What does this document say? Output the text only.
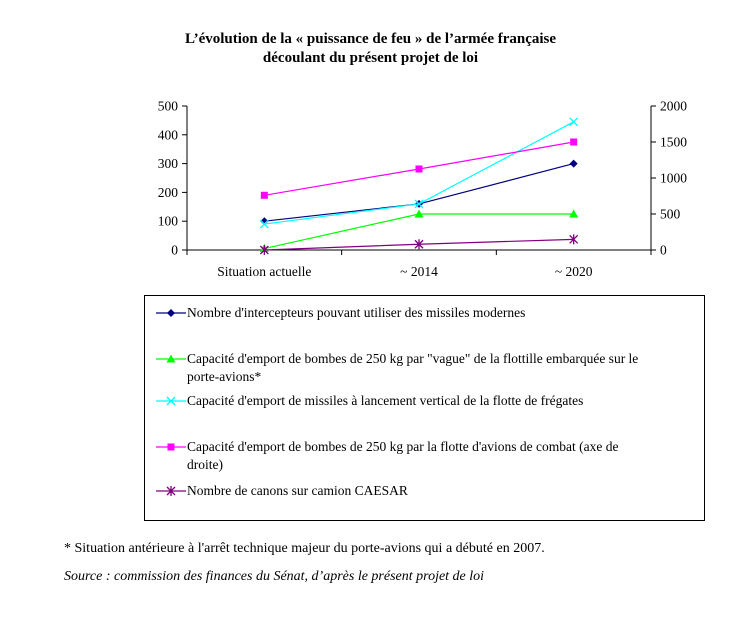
L’évolution de la « puissance de feu » de l’armée française
découlant du présent projet de loi
0
100
200
300
400
500
0
500
1000
1500
2000
Situation actuelle	~ 2014	~ 2020
Nombre d'intercepteurs pouvant utiliser des missiles modernes
Capacité d'emport de bombes de 250 kg par "vague" de la flottille embarquée sur le
porte-avions*
Capacité d'emport de missiles à lancement vertical de la flotte de frégates
Capacité d'emport de bombes de 250 kg par la flotte d'avions de combat (axe de
droite)
Nombre de canons sur camion CAESAR
* Situation antérieure à l'arrêt technique majeur du porte-avions qui a débuté en 2007.
Source : commission des finances du Sénat, d’après le présent projet de loi
